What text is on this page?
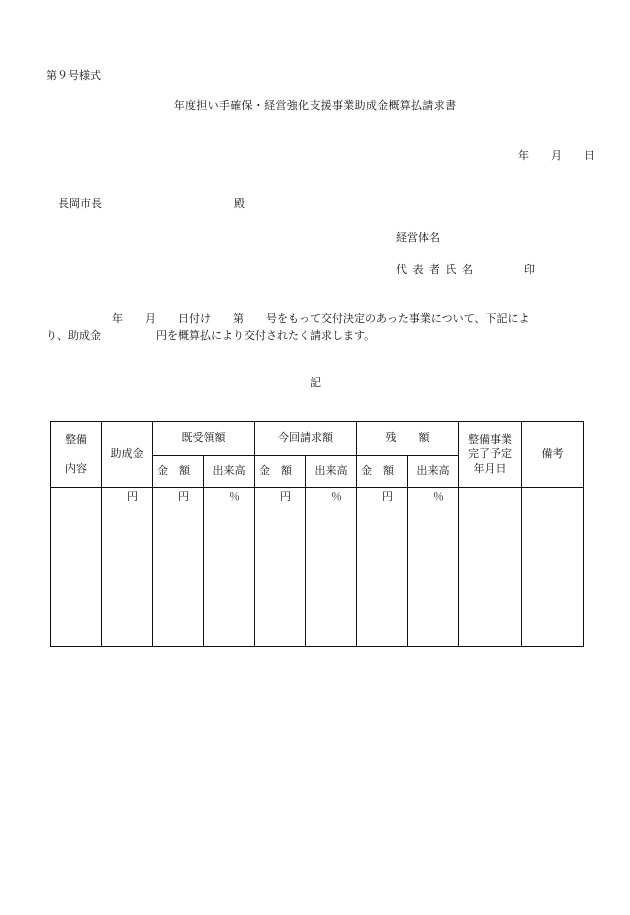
第９号様式
年度担い手確保・経営強化支援事業助成金概算払請求書
年 月 日
長岡市長	殿
経営体名
代表者氏名	印
　　　　　　年　　月　　日付け　　第　　号をもって交付決定のあった事業について、下記によ
り、助成金　　　　　円を概算払により交付されたく請求します。
記
整備
内容	助成金	既受領額		今回請求額		残　　額		整備事業
完了予定
年月日	備考
		金　額	出来高	金　額	出来高	金　額	出来高		
	円	円	％	円	％	円	％		
